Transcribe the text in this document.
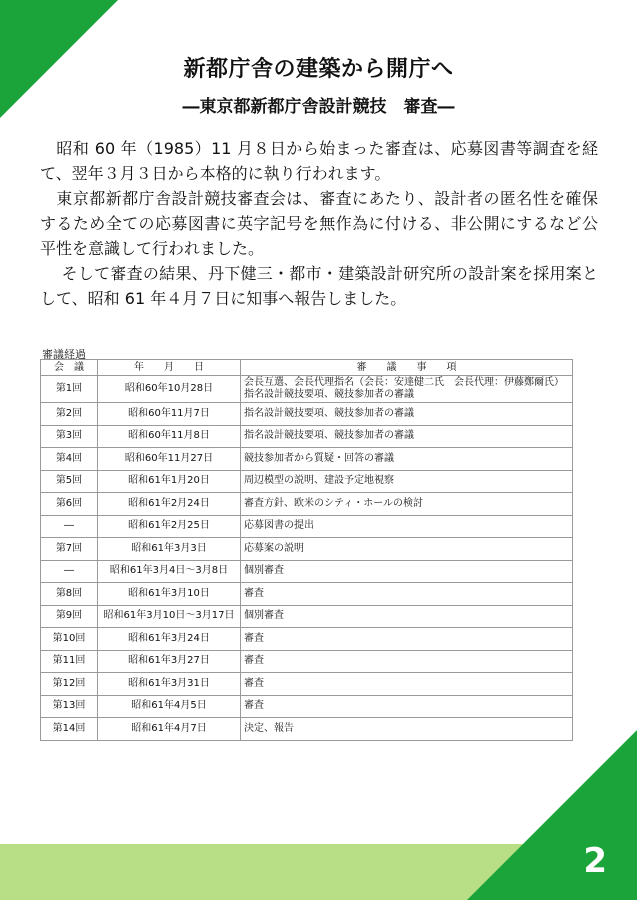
2
新都庁舎の建築から開庁へ
―東京都新都庁舎設計競技　審査―

　昭和 60 年（1985）11 月８日から始まった審査は、応募図書等調査を経て、翌年３月３日から本格的に執り行われます。

　東京都新都庁舎設計競技審査会は、審査にあたり、設計者の匿名性を確保するため全ての応募図書に英字記号を無作為に付ける、非公開にするなど公平性を意識して行われました。

　 そして審査の結果、丹下健三・都市・建築設計研究所の設計案を採用案として、昭和 61 年４月７日に知事へ報告しました。

審議経過
会　議	年　　月　　日	審　　議　　事　　項
第1回	昭和60年10月28日	会長互選、会長代理指名（会長：安達健二氏　会長代理：伊藤鄭爾氏）
指名設計競技要項、競技参加者の審議

第2回	昭和60年11月7日	指名設計競技要項、競技参加者の審議

第3回	昭和60年11月8日	指名設計競技要項、競技参加者の審議

第4回	昭和60年11月27日	競技参加者から質疑・回答の審議

第5回	昭和61年1月20日	周辺模型の説明、建設予定地視察

第6回	昭和61年2月24日	審査方針、欧米のシティ・ホールの検討

―	昭和61年2月25日	応募図書の提出

第7回	昭和61年3月3日	応募案の説明

―	昭和61年3月4日～3月8日	個別審査

第8回	昭和61年3月10日	審査

第9回	昭和61年3月10日～3月17日	個別審査

第10回	昭和61年3月24日	審査

第11回	昭和61年3月27日	審査

第12回	昭和61年3月31日	審査

第13回	昭和61年4月5日	審査

第14回	昭和61年4月7日	決定、報告
